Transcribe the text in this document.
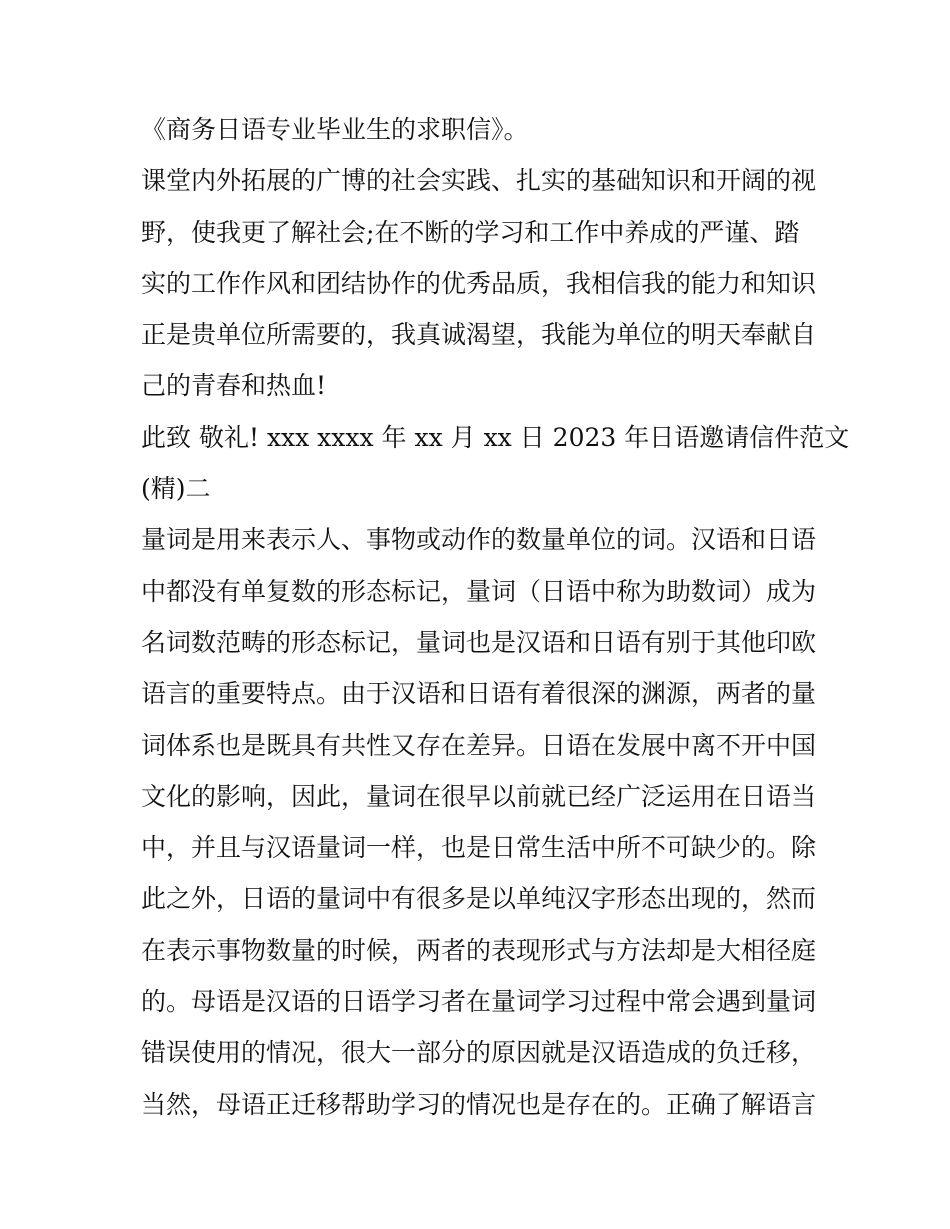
《商务日语专业毕业生的求职信》。
课堂内外拓展的广博的社会实践、扎实的基础知识和开阔的视
野，使我更了解社会;在不断的学习和工作中养成的严谨、踏
实的工作作风和团结协作的优秀品质，我相信我的能力和知识
正是贵单位所需要的，我真诚渴望，我能为单位的明天奉献自
己的青春和热血!
此致 敬礼! xxx xxxx 年 xx 月 xx 日 2023 年日语邀请信件范文
(精)二
量词是用来表示人、事物或动作的数量单位的词。汉语和日语
中都没有单复数的形态标记，量词（日语中称为助数词）成为
名词数范畴的形态标记，量词也是汉语和日语有别于其他印欧
语言的重要特点。由于汉语和日语有着很深的渊源，两者的量
词体系也是既具有共性又存在差异。日语在发展中离不开中国
文化的影响，因此，量词在很早以前就已经广泛运用在日语当
中，并且与汉语量词一样，也是日常生活中所不可缺少的。除
此之外，日语的量词中有很多是以单纯汉字形态出现的，然而
在表示事物数量的时候，两者的表现形式与方法却是大相径庭
的。母语是汉语的日语学习者在量词学习过程中常会遇到量词
错误使用的情况，很大一部分的原因就是汉语造成的负迁移，
当然，母语正迁移帮助学习的情况也是存在的。正确了解语言
